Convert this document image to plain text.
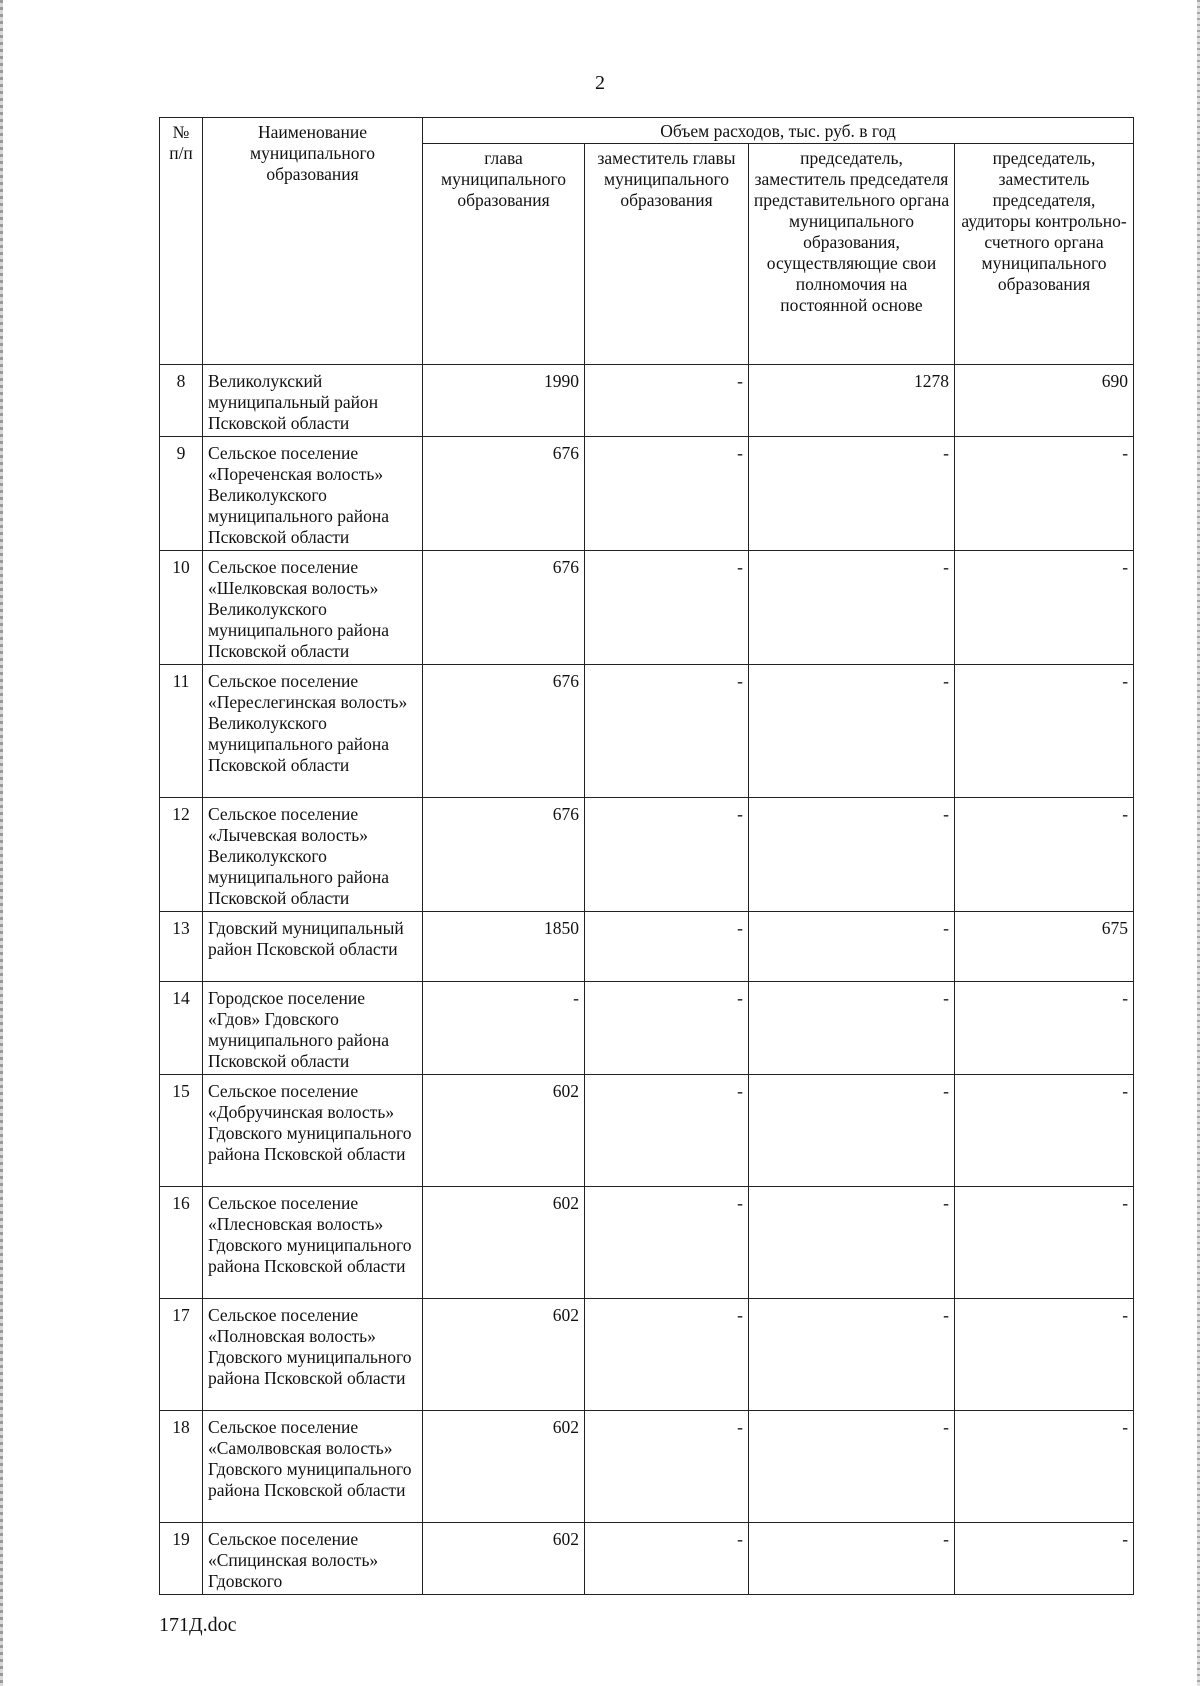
2
№ п/п	Наименование муниципального образования	Объем расходов, тыс. руб. в год			
		глава муниципального образования	заместитель главы муниципального образования	председатель, заместитель председателя представительного органа муниципального образования, осуществляющие свои полномочия на постоянной основе	председатель, заместитель председателя, аудиторы контрольно-счетного органа муниципального образования
8	Великолукский муниципальный район Псковской области	1990	-	1278	690
9	Сельское поселение «Пореченская волость» Великолукского муниципального района Псковской области	676	-	-	-
10	Сельское поселение «Шелковская волость» Великолукского муниципального района Псковской области	676	-	-	-
11	Сельское поселение «Переслегинская волость» Великолукского муниципального района Псковской области	676	-	-	-
12	Сельское поселение «Лычевская волость» Великолукского муниципального района Псковской области	676	-	-	-
13	Гдовский муниципальный район Псковской области	1850	-	-	675
14	Городское поселение «Гдов» Гдовского муниципального района Псковской области	-	-	-	-
15	Сельское поселение «Добручинская волость» Гдовского муниципального района Псковской области	602	-	-	-
16	Сельское поселение «Плесновская волость» Гдовского муниципального района Псковской области	602	-	-	-
17	Сельское поселение «Полновская волость» Гдовского муниципального района Псковской области	602	-	-	-
18	Сельское поселение «Самолвовская волость» Гдовского муниципального района Псковской области	602	-	-	-
19	Сельское поселение «Спицинская волость» Гдовского	602	-	-	-
171Д.doc
